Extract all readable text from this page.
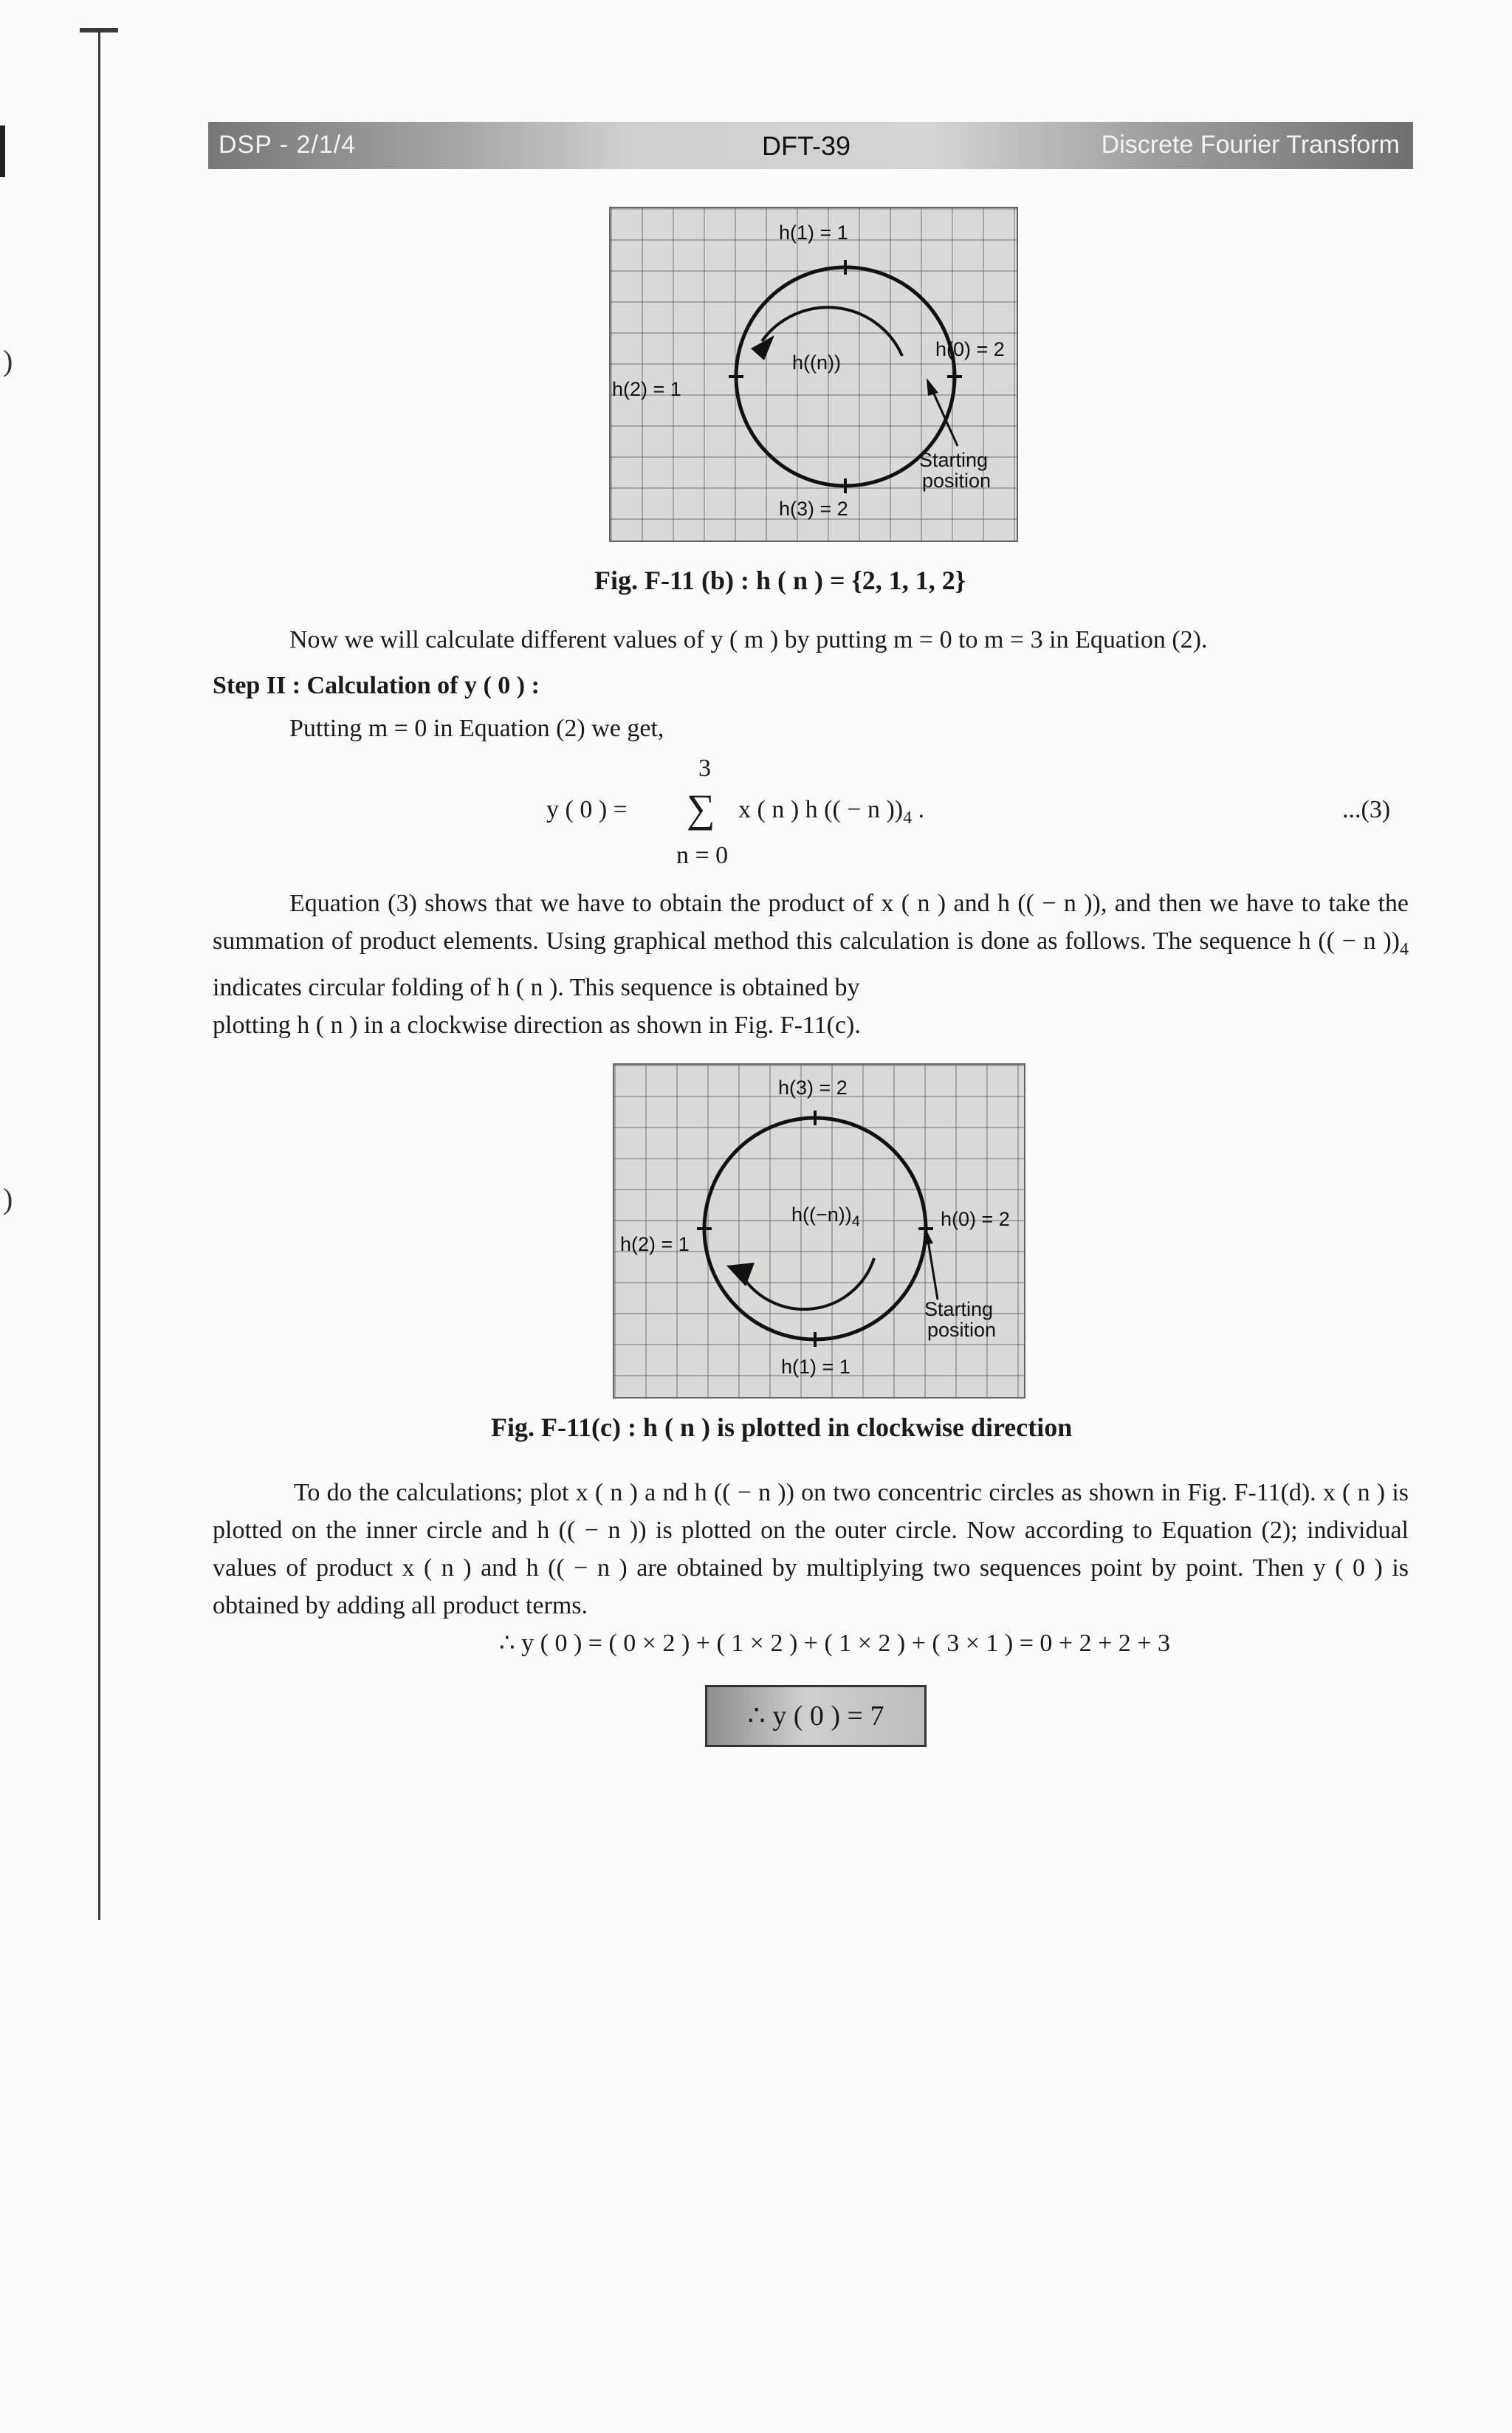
)
)
DSP - 2/1/4	DFT-39	Discrete Fourier Transform
h(1) = 1
h(0) = 2
h(2) = 1
h(3) = 2
h((n))
Starting
position
Fig. F-11 (b) : h ( n ) = {2, 1, 1, 2}
Now we will calculate different values of y ( m ) by putting m = 0 to m = 3 in Equation (2).
Step II : Calculation of y ( 0 ) :
Putting m = 0 in Equation (2) we get,
3
y ( 0 ) = ∑ x ( n ) h (( − n ))$_4$ .
n = 0
...(3)
Equation (3) shows that we have to obtain the product of x ( n ) and h (( − n )), and then we have to take the summation of product elements. Using graphical method this calculation is done as follows. The sequence h (( − n ))$_4$ indicates circular folding of h ( n ). This sequence is obtained by
plotting h ( n ) in a clockwise direction as shown in Fig. F-11(c).
h(3) = 2
h(0) = 2
h(2) = 1
h(1) = 1
$h((-n))_4$
Starting
position
Fig. F-11(c) : h ( n ) is plotted in clockwise direction
To do the calculations; plot x ( n ) a nd h (( − n )) on two concentric circles as shown in Fig. F-11(d). x ( n ) is plotted on the inner circle and h (( − n )) is plotted on the outer circle. Now according to Equation (2); individual values of product x ( n ) and h (( − n ) are obtained by multiplying two sequences point by point. Then y ( 0 ) is obtained by adding all product terms.
∴ y ( 0 ) = ( 0 × 2 ) + ( 1 × 2 ) + ( 1 × 2 ) + ( 3 × 1 ) = 0 + 2 + 2 + 3
∴ y ( 0 ) = 7
